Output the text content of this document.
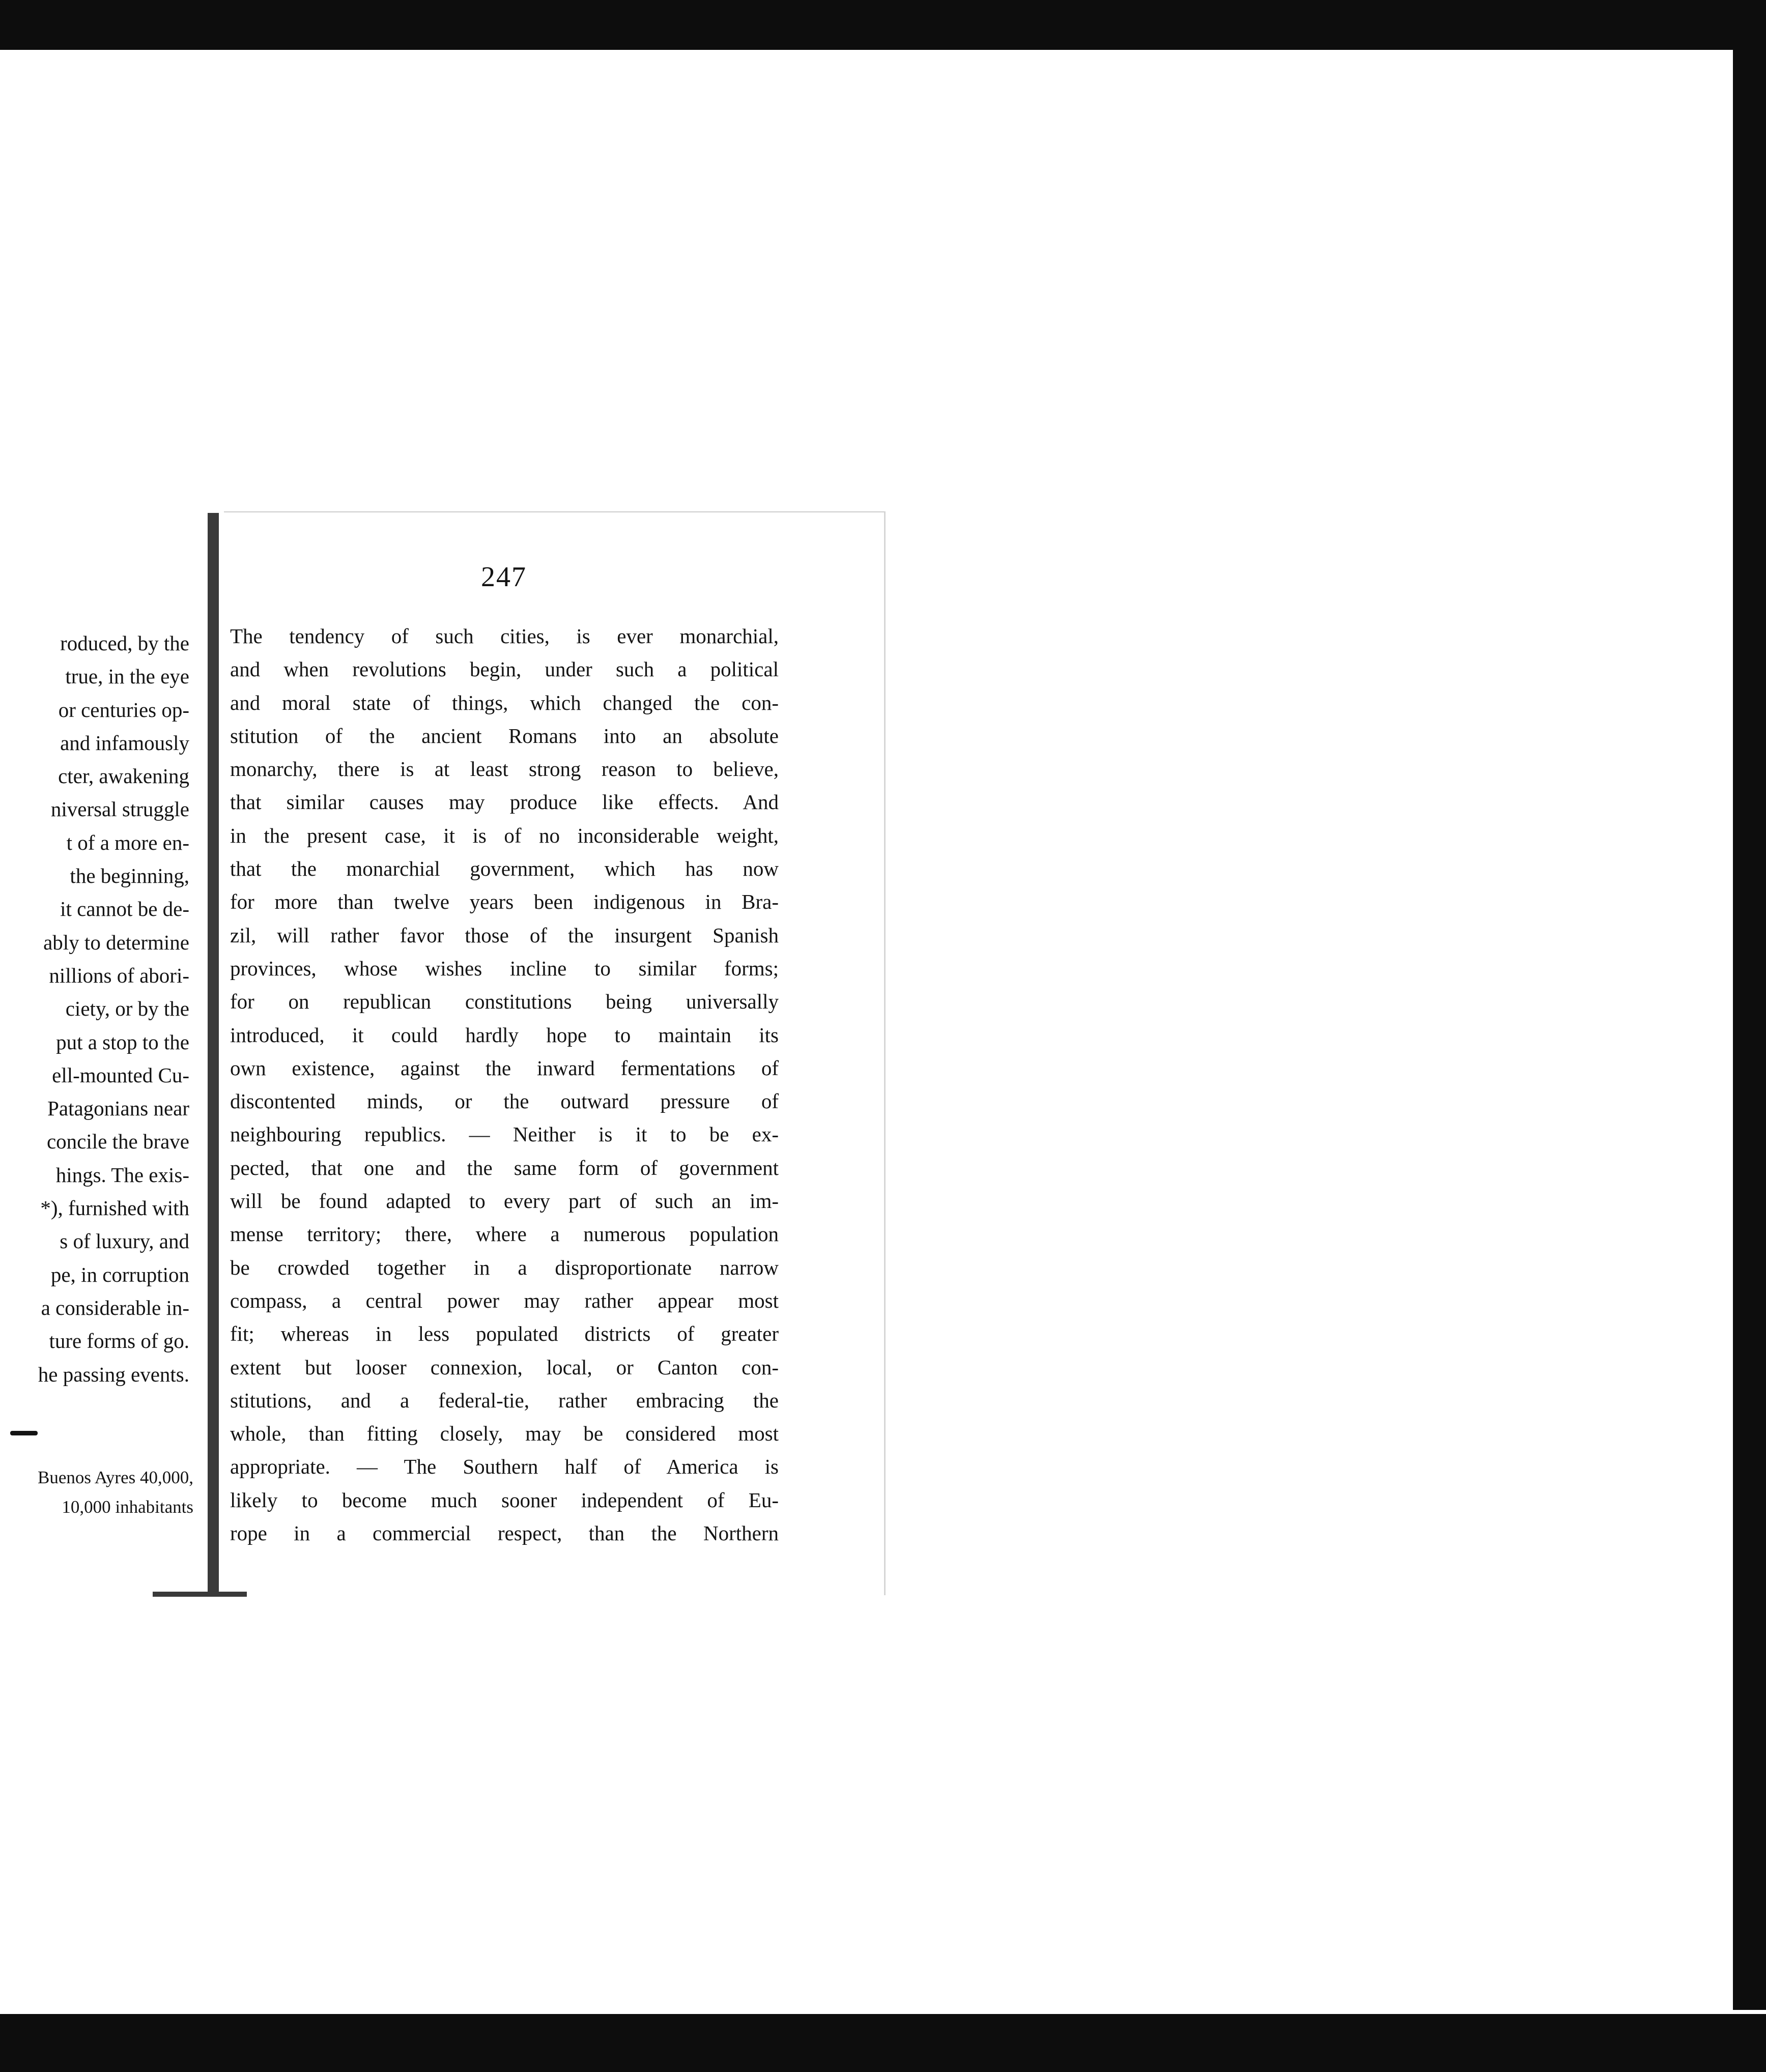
roduced, by the
true, in the eye
or centuries op-
and infamously
cter, awakening
niversal struggle
t of a more en-
the beginning,
it cannot be de-
ably to determine
nillions of abori-
ciety, or by the
put a stop to the
ell-mounted Cu-
Patagonians near
concile the brave
hings. The exis-
*), furnished with
s of luxury, and
pe, in corruption
a considerable in-
ture forms of go.
he passing events.
Buenos Ayres 40,000,
10,000 inhabitants
247
The tendency of such cities, is ever monarchial,
and when revolutions begin, under such a political
and moral state of things, which changed the con-
stitution of the ancient Romans into an absolute
monarchy, there is at least strong reason to believe,
that similar causes may produce like effects. And
in the present case, it is of no inconsiderable weight,
that the monarchial government, which has now
for more than twelve years been indigenous in Bra-
zil, will rather favor those of the insurgent Spanish
provinces, whose wishes incline to similar forms;
for on republican constitutions being universally
introduced, it could hardly hope to maintain its
own existence, against the inward fermentations of
discontented minds, or the outward pressure of
neighbouring republics. — Neither is it to be ex-
pected, that one and the same form of government
will be found adapted to every part of such an im-
mense territory; there, where a numerous population
be crowded together in a disproportionate narrow
compass, a central power may rather appear most
fit; whereas in less populated districts of greater
extent but looser connexion, local, or Canton con-
stitutions, and a federal-tie, rather embracing the
whole, than fitting closely, may be considered most
appropriate. — The Southern half of America is
likely to become much sooner independent of Eu-
rope in a commercial respect, than the Northern
